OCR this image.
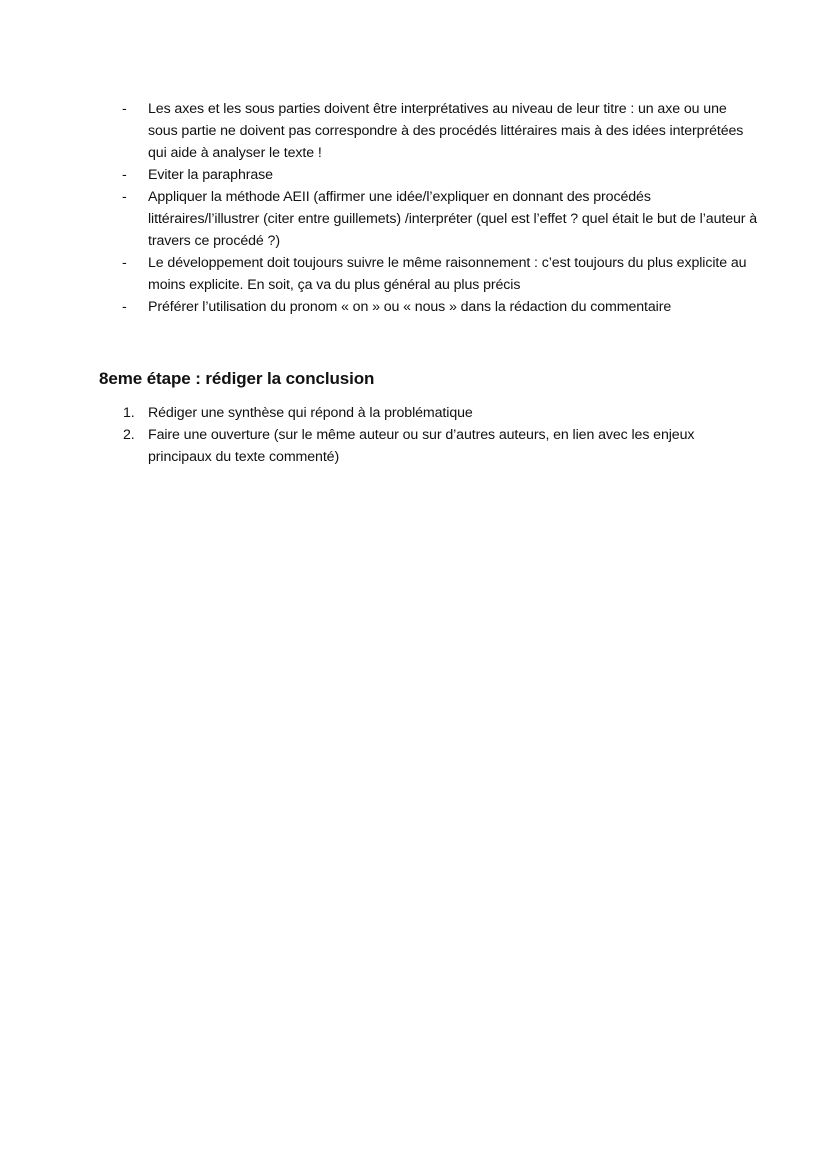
- Les axes et les sous parties doivent être interprétatives au niveau de leur titre : un axe ou une sous partie ne doivent pas correspondre à des procédés littéraires mais à des idées interprétées qui aide à analyser le texte !
- Eviter la paraphrase
- Appliquer la méthode AEII (affirmer une idée/l’expliquer en donnant des procédés littéraires/l’illustrer (citer entre guillemets) /interpréter (quel est l’effet ? quel était le but de l’auteur à travers ce procédé ?)
- Le développement doit toujours suivre le même raisonnement : c’est toujours du plus explicite au moins explicite. En soit, ça va du plus général au plus précis
- Préférer l’utilisation du pronom « on » ou « nous » dans la rédaction du commentaire
8eme étape : rédiger la conclusion
1. Rédiger une synthèse qui répond à la problématique
2. Faire une ouverture (sur le même auteur ou sur d’autres auteurs, en lien avec les enjeux principaux du texte commenté)
